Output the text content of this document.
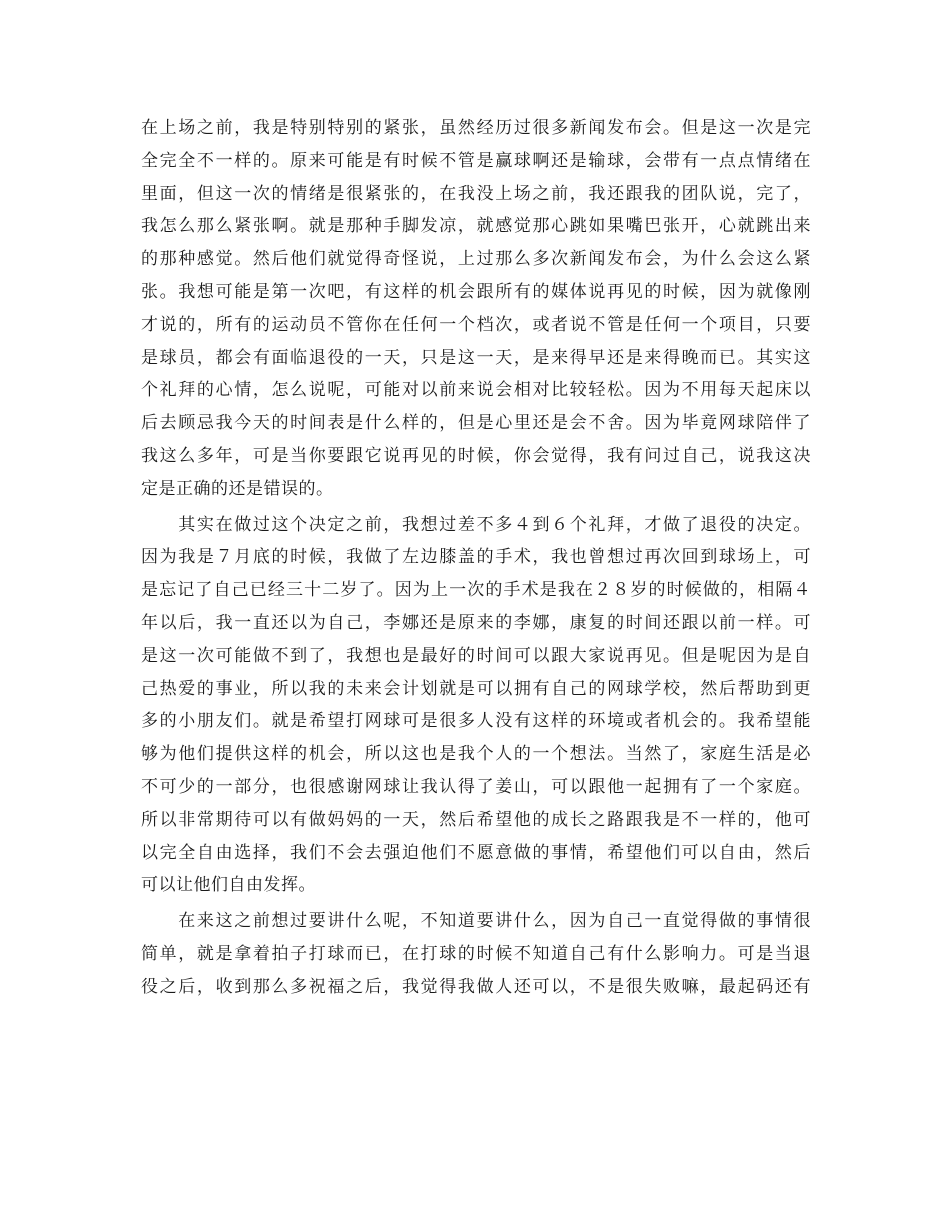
在上场之前，我是特别特别的紧张，虽然经历过很多新闻发布会。但是这一次是完
全完全不一样的。原来可能是有时候不管是赢球啊还是输球，会带有一点点情绪在
里面，但这一次的情绪是很紧张的，在我没上场之前，我还跟我的团队说，完了，
我怎么那么紧张啊。就是那种手脚发凉，就感觉那心跳如果嘴巴张开，心就跳出来
的那种感觉。然后他们就觉得奇怪说，上过那么多次新闻发布会，为什么会这么紧
张。我想可能是第一次吧，有这样的机会跟所有的媒体说再见的时候，因为就像刚
才说的，所有的运动员不管你在任何一个档次，或者说不管是任何一个项目，只要
是球员，都会有面临退役的一天，只是这一天，是来得早还是来得晚而已。其实这
个礼拜的心情，怎么说呢，可能对以前来说会相对比较轻松。因为不用每天起床以
后去顾忌我今天的时间表是什么样的，但是心里还是会不舍。因为毕竟网球陪伴了
我这么多年，可是当你要跟它说再见的时候，你会觉得，我有问过自己，说我这决
定是正确的还是错误的。
　　其实在做过这个决定之前，我想过差不多４到６个礼拜，才做了退役的决定。
因为我是７月底的时候，我做了左边膝盖的手术，我也曾想过再次回到球场上，可
是忘记了自己已经三十二岁了。因为上一次的手术是我在２８岁的时候做的，相隔４
年以后，我一直还以为自己，李娜还是原来的李娜，康复的时间还跟以前一样。可
是这一次可能做不到了，我想也是最好的时间可以跟大家说再见。但是呢因为是自
己热爱的事业，所以我的未来会计划就是可以拥有自己的网球学校，然后帮助到更
多的小朋友们。就是希望打网球可是很多人没有这样的环境或者机会的。我希望能
够为他们提供这样的机会，所以这也是我个人的一个想法。当然了，家庭生活是必
不可少的一部分，也很感谢网球让我认得了姜山，可以跟他一起拥有了一个家庭。
所以非常期待可以有做妈妈的一天，然后希望他的成长之路跟我是不一样的，他可
以完全自由选择，我们不会去强迫他们不愿意做的事情，希望他们可以自由，然后
可以让他们自由发挥。
　　在来这之前想过要讲什么呢，不知道要讲什么，因为自己一直觉得做的事情很
简单，就是拿着拍子打球而已，在打球的时候不知道自己有什么影响力。可是当退
役之后，收到那么多祝福之后，我觉得我做人还可以，不是很失败嘛，最起码还有
